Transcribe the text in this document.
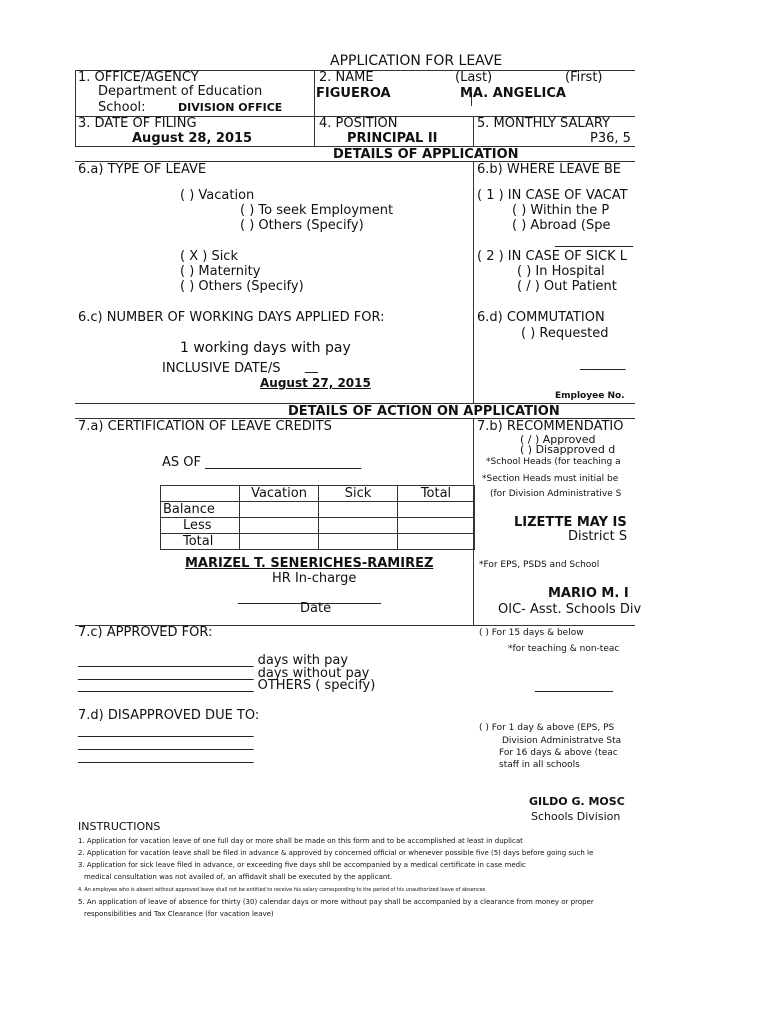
APPLICATION FOR LEAVE
1. OFFICE/AGENCY
Department of Education
School:	DIVISION OFFICE
2. NAME	(Last)	(First)
FIGUEROA	MA. ANGELICA
3. DATE OF FILING
August 28, 2015
4. POSITION
PRINCIPAL II
5. MONTHLY SALARY
P36, 5
DETAILS OF APPLICATION
6.a) TYPE OF LEAVE
( ) Vacation
( ) To seek Employment
( ) Others (Specify)
( X ) Sick
( ) Maternity
( ) Others (Specify)
6.b) WHERE LEAVE BE
( 1 ) IN CASE OF VACAT
( ) Within the P
( ) Abroad (Spe
____________
( 2 ) IN CASE OF SICK L
( ) In Hospital
( / ) Out Patient
6.c) NUMBER OF WORKING DAYS APPLIED FOR:
1 working days with pay
INCLUSIVE DATE/S __
August 27, 2015
6.d) COMMUTATION
( ) Requested
_______
Employee No.
DETAILS OF ACTION ON APPLICATION
7.a) CERTIFICATION OF LEAVE CREDITS
AS OF ________________________
	Vacation	Sick	Total
Balance			
Less			
Total			
MARIZEL T. SENERICHES-RAMIREZ
HR In-charge
______________________
Date
7.b) RECOMMENDATIO
( / ) Approved
( ) Disapproved d
*School Heads (for teaching a
*Section Heads must initial be
(for Division Administrative S
LIZETTE MAY IS
District S
*For EPS, PSDS and School
MARIO M. I
OIC- Asst. Schools Div
7.c) APPROVED FOR:
___________________________ days with pay
___________________________ days without pay
___________________________ OTHERS ( specify)
( ) For 15 days & below
*for teaching & non-teac
____________
7.d) DISAPPROVED DUE TO:
___________________________
___________________________
___________________________
( ) For 1 day & above (EPS, PS
Division Administratve Sta
For 16 days & above (teac
staff in all schools
GILDO G. MOSC
Schools Division
INSTRUCTIONS
1. Application for vacation leave of one full day or more shall be made on this form and to be accomplished at least in duplicat
2. Application for vacation leave shall be filed in advance & approved by concerned official or whenever possible five (5) days before going such le
3. Application for sick leave filed in advance, or exceeding five days shll be accompanied by a medical certificate in case medic
medical consultation was not availed of, an affidavit shall be executed by the applicant.
4. An employee who is absent without approved leave shall not be entitled to receive his salary corresponding to the period of his unauthorized leave of absences
5. An application of leave of absence for thirty (30) calendar days or more without pay shall be accompanied by a clearance from money or proper
responsibilities and Tax Clearance (for vacation leave)
